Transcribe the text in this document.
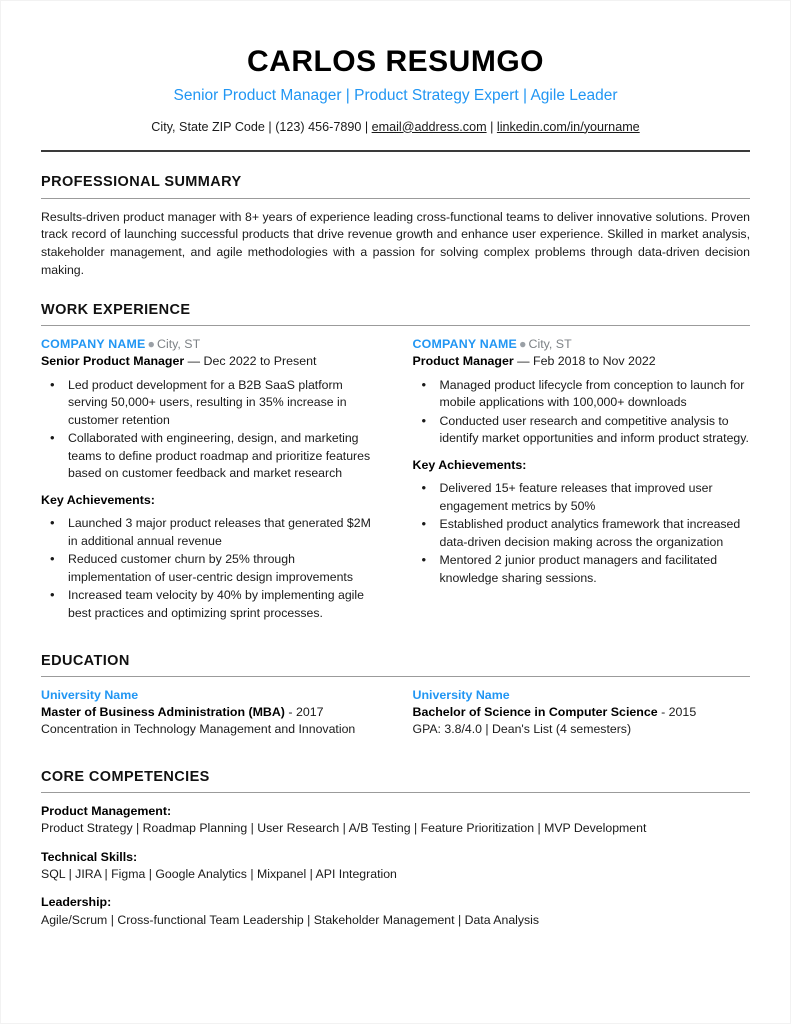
CARLOS RESUMGO
Senior Product Manager | Product Strategy Expert | Agile Leader
City, State ZIP Code | (123) 456-7890 | email@address.com | linkedin.com/in/yourname
PROFESSIONAL SUMMARY

Results-driven product manager with 8+ years of experience leading cross-functional teams to deliver innovative solutions. Proven track record of launching successful products that drive revenue growth and enhance user experience. Skilled in market analysis, stakeholder management, and agile methodologies with a passion for solving complex problems through data-driven decision making.

WORK EXPERIENCE

COMPANY NAME ● City, ST

Senior Product Manager — Dec 2022 to Present

• Led product development for a B2B SaaS platform serving 50,000+ users, resulting in 35% increase in customer retention
• Collaborated with engineering, design, and marketing teams to define product roadmap and prioritize features based on customer feedback and market research

Key Achievements:

• Launched 3 major product releases that generated $2M in additional annual revenue
• Reduced customer churn by 25% through implementation of user-centric design improvements
• Increased team velocity by 40% by implementing agile best practices and optimizing sprint processes.

COMPANY NAME ● City, ST

Product Manager — Feb 2018 to Nov 2022

• Managed product lifecycle from conception to launch for mobile applications with 100,000+ downloads
• Conducted user research and competitive analysis to identify market opportunities and inform product strategy.

Key Achievements:

• Delivered 15+ feature releases that improved user engagement metrics by 50%
• Established product analytics framework that increased data-driven decision making across the organization
• Mentored 2 junior product managers and facilitated knowledge sharing sessions.
EDUCATION

University Name

Master of Business Administration (MBA) - 2017

Concentration in Technology Management and Innovation

University Name

Bachelor of Science in Computer Science - 2015

GPA: 3.8/4.0 | Dean's List (4 semesters)

CORE COMPETENCIES

Product Management:

Product Strategy | Roadmap Planning | User Research | A/B Testing | Feature Prioritization | MVP Development

Technical Skills:

SQL | JIRA | Figma | Google Analytics | Mixpanel | API Integration

Leadership:

Agile/Scrum | Cross-functional Team Leadership | Stakeholder Management | Data Analysis
